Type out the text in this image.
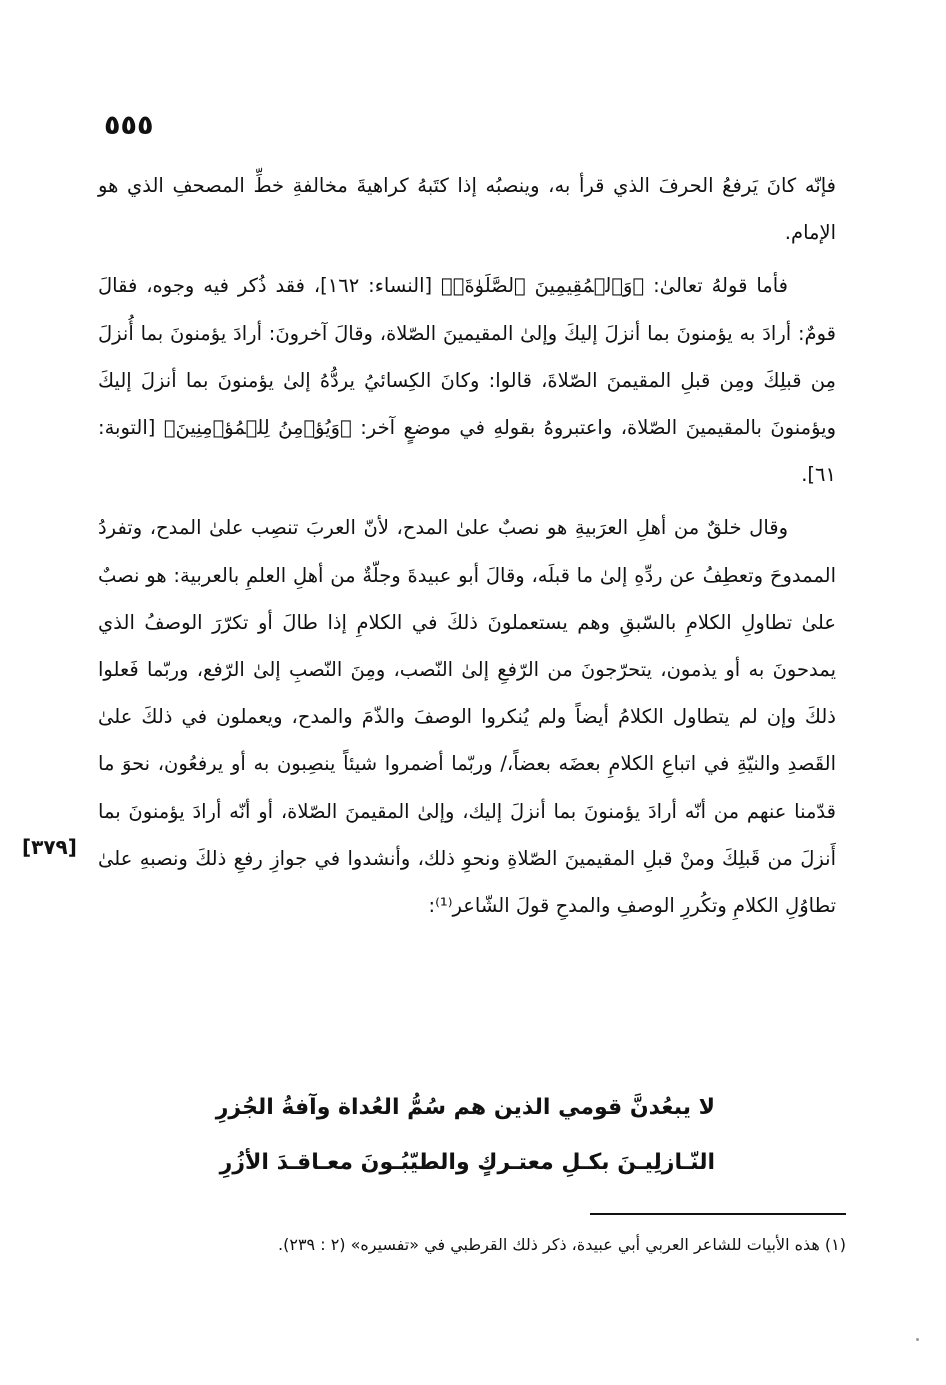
٥٥٥

فإنّه كانَ يَرفعُ الحرفَ الذي قرأ به، وينصبُه إذا كتَبهُ كراهيةَ مخالفةِ خطِّ المصحفِ الذي هو الإمام.

فأما قولهُ تعالىٰ: ﴿وَٱلۡمُقِيمِينَ ٱلصَّلَوٰةَۚ﴾ [النساء: ١٦٢]، فقد ذُكر فيه وجوه، فقالَ قومٌ: أرادَ به يؤمنونَ بما أنزلَ إليكَ وإلىٰ المقيمينَ الصّلاة، وقالَ آخرونَ: أرادَ يؤمنونَ بما أُنزلَ مِن قبلِكَ ومِن قبلِ المقيمنَ الصّلاةَ، قالوا: وكانَ الكِسائيُ يردُّهُ إلىٰ يؤمنونَ بما أنزلَ إليكَ ويؤمنونَ بالمقيمينَ الصّلاة، واعتبروهُ بقولهِ في موضعٍ آخر: ﴿وَيُؤۡمِنُ لِلۡمُؤۡمِنِينَ﴾ [التوبة: ٦١].

وقال خلقٌ من أهلِ العرَبيةِ هو نصبٌ علىٰ المدح، لأنّ العربَ تنصِب علىٰ المدح، وتفردُ الممدوحَ وتعطِفُ عن ردِّهِ إلىٰ ما قبلَه، وقالَ أبو عبيدةَ وجلّةٌ من أهلِ العلمِ بالعربية: هو نصبٌ علىٰ تطاولِ الكلامِ بالسّبقِ وهم يستعملونَ ذلكَ في الكلامِ إذا طالَ أو تكرّرَ الوصفُ الذي يمدحونَ به أو يذمون، يتحرّجونَ من الرّفعِ إلىٰ النّصب، ومِنَ النّصبِ إلىٰ الرّفع، وربّما فَعلوا ذلكَ وإن لم يتطاول الكلامُ أيضاً ولم يُنكروا الوصفَ والذّمَ والمدح، ويعملون في ذلكَ علىٰ القَصدِ والنيّةِ في اتباعِ الكلامِ بعضَه بعضاً،/ وربّما أضمروا شيئاً ينصِبون به أو يرفعُون، نحوَ ما قدّمنا عنهم من أنّه أرادَ يؤمنونَ بما أنزلَ إليك، وإلىٰ المقيمنَ الصّلاة، أو أنّه أرادَ يؤمنونَ بما أَنزلَ من قَبلِكَ ومنْ قبلِ المقيمينَ الصّلاةِ ونحوِ ذلك، وأنشدوا في جوازِ رفعِ ذلكَ ونصبهِ علىٰ تطاوُلِ الكلامِ وتكُررِ الوصفِ والمدحِ قولَ الشّاعر⁽¹⁾:

[٣٧٩]
لا يبعُدنَّ قومي الذين هم سُمُّ العُداة وآفةُ الجُزرِ
النّـازلِيـنَ بكـلِ معتـركٍ والطيّبُـونَ معـاقـدَ الأزُرِ
(١) هذه الأبيات للشاعر العربي أبي عبيدة، ذكر ذلك القرطبي في «تفسيره» (٢ : ٢٣٩).
